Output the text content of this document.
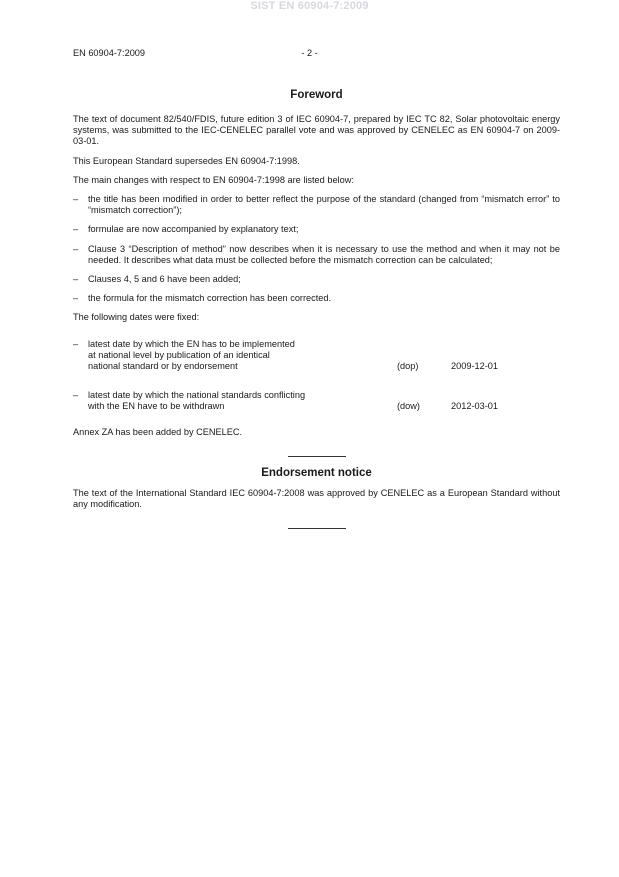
SIST EN 60904-7:2009
EN 60904-7:2009	- 2 -
Foreword

The text of document 82/540/FDIS, future edition 3 of IEC 60904-7, prepared by IEC TC 82, Solar photovoltaic energy systems, was submitted to the IEC-CENELEC parallel vote and was approved by CENELEC as EN 60904-7 on 2009-03-01.

This European Standard supersedes EN 60904-7:1998.

The main changes with respect to EN 60904-7:1998 are listed below:

–	the title has been modified in order to better reflect the purpose of the standard (changed from “mismatch error” to “mismatch correction”);
–	formulae are now accompanied by explanatory text;
–	Clause 3 “Description of method” now describes when it is necessary to use the method and when it may not be needed. It describes what data must be collected before the mismatch correction can be calculated;
–	Clauses 4, 5 and 6 have been added;
–	the formula for the mismatch correction has been corrected.

The following dates were fixed:

–	latest date by which the EN has to be implemented
at national level by publication of an identical
national standard or by endorsement	(dop)	2009-12-01
–	latest date by which the national standards conflicting
with the EN have to be withdrawn	(dow)	2012-03-01

Annex ZA has been added by CENELEC.

Endorsement notice

The text of the International Standard IEC 60904-7:2008 was approved by CENELEC as a European Standard without any modification.
